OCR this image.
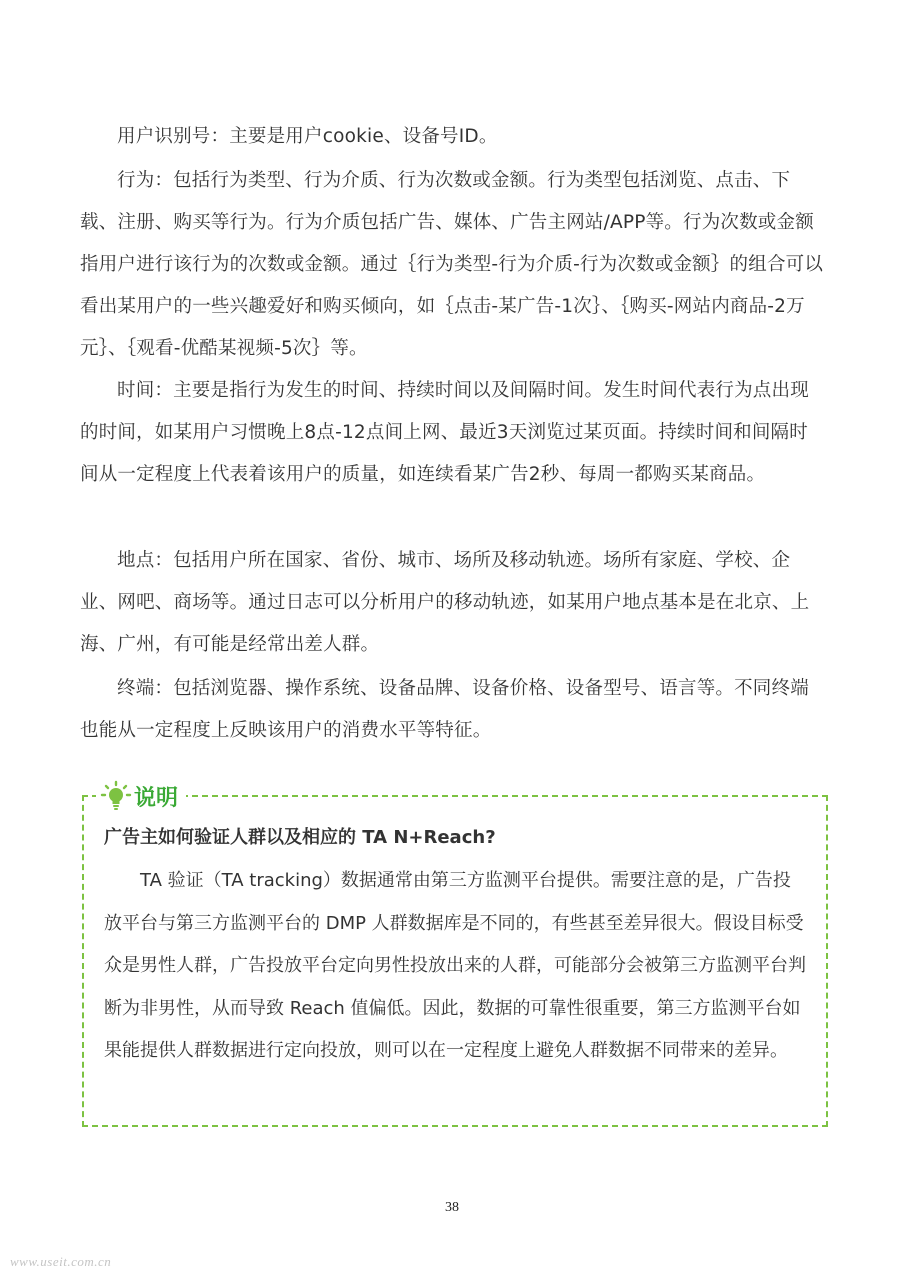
用户识别号：主要是用户cookie、设备号ID。

行为：包括行为类型、行为介质、行为次数或金额。行为类型包括浏览、点击、下载、注册、购买等行为。行为介质包括广告、媒体、广告主网站/APP等。行为次数或金额指用户进行该行为的次数或金额。通过｛行为类型-行为介质-行为次数或金额｝的组合可以看出某用户的一些兴趣爱好和购买倾向，如｛点击-某广告-1次｝、｛购买-网站内商品-2万元｝、｛观看-优酷某视频-5次｝等。

时间：主要是指行为发生的时间、持续时间以及间隔时间。发生时间代表行为点出现的时间，如某用户习惯晚上8点-12点间上网、最近3天浏览过某页面。持续时间和间隔时间从一定程度上代表着该用户的质量，如连续看某广告2秒、每周一都购买某商品。

地点：包括用户所在国家、省份、城市、场所及移动轨迹。场所有家庭、学校、企业、网吧、商场等。通过日志可以分析用户的移动轨迹，如某用户地点基本是在北京、上海、广州，有可能是经常出差人群。

终端：包括浏览器、操作系统、设备品牌、设备价格、设备型号、语言等。不同终端也能从一定程度上反映该用户的消费水平等特征。

说明

广告主如何验证人群以及相应的 TA N+Reach?

TA 验证（TA tracking）数据通常由第三方监测平台提供。需要注意的是，广告投放平台与第三方监测平台的 DMP 人群数据库是不同的，有些甚至差异很大。假设目标受众是男性人群，广告投放平台定向男性投放出来的人群，可能部分会被第三方监测平台判断为非男性，从而导致 Reach 值偏低。因此，数据的可靠性很重要，第三方监测平台如果能提供人群数据进行定向投放，则可以在一定程度上避免人群数据不同带来的差异。

38
www.useit.com.cn
